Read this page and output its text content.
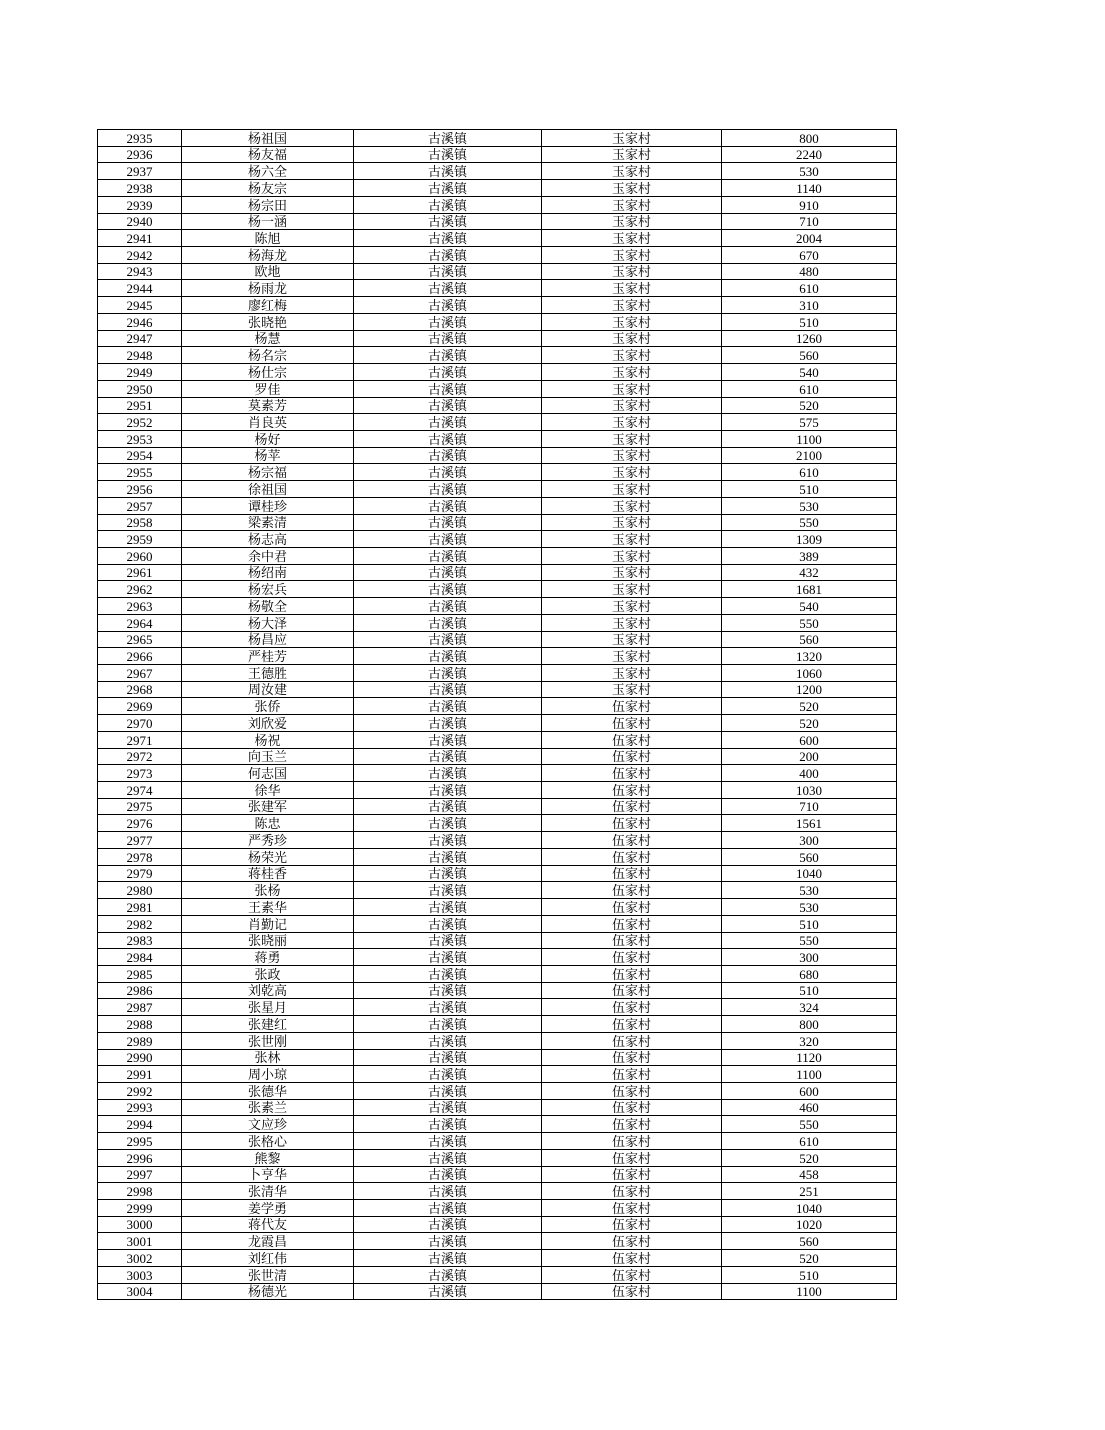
2935	杨祖国	古溪镇	玉家村	800
2936	杨友福	古溪镇	玉家村	2240
2937	杨六全	古溪镇	玉家村	530
2938	杨友宗	古溪镇	玉家村	1140
2939	杨宗田	古溪镇	玉家村	910
2940	杨一涵	古溪镇	玉家村	710
2941	陈旭	古溪镇	玉家村	2004
2942	杨海龙	古溪镇	玉家村	670
2943	欧地	古溪镇	玉家村	480
2944	杨雨龙	古溪镇	玉家村	610
2945	廖红梅	古溪镇	玉家村	310
2946	张晓艳	古溪镇	玉家村	510
2947	杨慧	古溪镇	玉家村	1260
2948	杨名宗	古溪镇	玉家村	560
2949	杨仕宗	古溪镇	玉家村	540
2950	罗佳	古溪镇	玉家村	610
2951	莫素芳	古溪镇	玉家村	520
2952	肖良英	古溪镇	玉家村	575
2953	杨好	古溪镇	玉家村	1100
2954	杨苹	古溪镇	玉家村	2100
2955	杨宗福	古溪镇	玉家村	610
2956	徐祖国	古溪镇	玉家村	510
2957	谭桂珍	古溪镇	玉家村	530
2958	梁素清	古溪镇	玉家村	550
2959	杨志高	古溪镇	玉家村	1309
2960	余中君	古溪镇	玉家村	389
2961	杨绍南	古溪镇	玉家村	432
2962	杨宏兵	古溪镇	玉家村	1681
2963	杨敬全	古溪镇	玉家村	540
2964	杨大泽	古溪镇	玉家村	550
2965	杨昌应	古溪镇	玉家村	560
2966	严桂芳	古溪镇	玉家村	1320
2967	王德胜	古溪镇	玉家村	1060
2968	周汝建	古溪镇	玉家村	1200
2969	张侨	古溪镇	伍家村	520
2970	刘欣爱	古溪镇	伍家村	520
2971	杨祝	古溪镇	伍家村	600
2972	向玉兰	古溪镇	伍家村	200
2973	何志国	古溪镇	伍家村	400
2974	徐华	古溪镇	伍家村	1030
2975	张建军	古溪镇	伍家村	710
2976	陈忠	古溪镇	伍家村	1561
2977	严秀珍	古溪镇	伍家村	300
2978	杨荣光	古溪镇	伍家村	560
2979	蒋桂香	古溪镇	伍家村	1040
2980	张杨	古溪镇	伍家村	530
2981	王素华	古溪镇	伍家村	530
2982	肖勤记	古溪镇	伍家村	510
2983	张晓丽	古溪镇	伍家村	550
2984	蒋勇	古溪镇	伍家村	300
2985	张政	古溪镇	伍家村	680
2986	刘乾高	古溪镇	伍家村	510
2987	张星月	古溪镇	伍家村	324
2988	张建红	古溪镇	伍家村	800
2989	张世刚	古溪镇	伍家村	320
2990	张林	古溪镇	伍家村	1120
2991	周小琼	古溪镇	伍家村	1100
2992	张德华	古溪镇	伍家村	600
2993	张素兰	古溪镇	伍家村	460
2994	文应珍	古溪镇	伍家村	550
2995	张格心	古溪镇	伍家村	610
2996	熊黎	古溪镇	伍家村	520
2997	卜亨华	古溪镇	伍家村	458
2998	张清华	古溪镇	伍家村	251
2999	姜学勇	古溪镇	伍家村	1040
3000	蒋代友	古溪镇	伍家村	1020
3001	龙霞昌	古溪镇	伍家村	560
3002	刘红伟	古溪镇	伍家村	520
3003	张世清	古溪镇	伍家村	510
3004	杨德光	古溪镇	伍家村	1100
